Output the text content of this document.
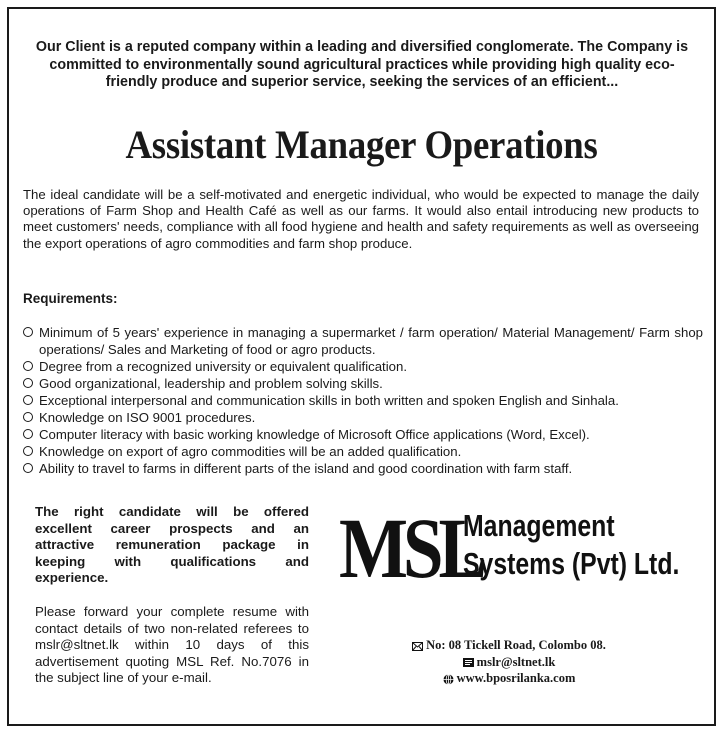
Our Client is a reputed company within a leading and diversified conglomerate. The Company is committed to environmentally sound agricultural practices while providing high quality eco-friendly produce and superior service, seeking the services of an efficient...
Assistant Manager Operations
The ideal candidate will be a self-motivated and energetic individual, who would be expected to manage the daily operations of Farm Shop and Health Café as well as our farms. It would also entail introducing new products to meet customers' needs, compliance with all food hygiene and health and safety requirements as well as overseeing the export operations of agro commodities and farm shop produce.
Requirements:
Minimum of 5 years' experience in managing a supermarket / farm operation/ Material Management/ Farm shop operations/ Sales and Marketing of food or agro products.
Degree from a recognized university or equivalent qualification.
Good organizational, leadership and problem solving skills.
Exceptional interpersonal and communication skills in both written and spoken English and Sinhala.
Knowledge on ISO 9001 procedures.
Computer literacy with basic working knowledge of Microsoft Office applications (Word, Excel).
Knowledge on export of agro commodities will be an added qualification.
Ability to travel to farms in different parts of the island and good coordination with farm staff.
The right candidate will be offered excellent career prospects and an attractive remuneration package in keeping with qualifications and experience.
Please forward your complete resume with contact details of two non-related referees to mslr@sltnet.lk within 10 days of this advertisement quoting MSL Ref. No.7076 in the subject line of your e-mail.
MSL
Management
Systems (Pvt) Ltd.
No: 08 Tickell Road, Colombo 08.
mslr@sltnet.lk
www.bposrilanka.com
